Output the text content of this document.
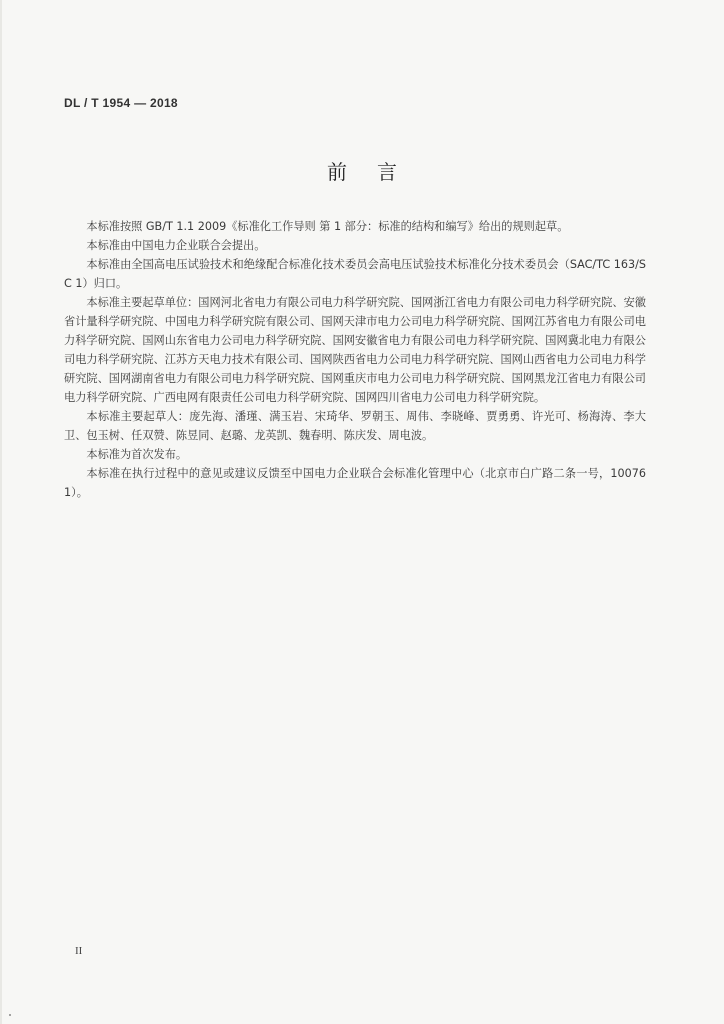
DL / T 1954 — 2018
前言

本标准按照 GB/T 1.1 2009《标准化工作导则 第 1 部分：标准的结构和编写》给出的规则起草。

本标准由中国电力企业联合会提出。

本标准由全国高电压试验技术和绝缘配合标准化技术委员会高电压试验技术标准化分技术委员会（SAC/TC 163/SC 1）归口。

本标准主要起草单位：国网河北省电力有限公司电力科学研究院、国网浙江省电力有限公司电力科学研究院、安徽省计量科学研究院、中国电力科学研究院有限公司、国网天津市电力公司电力科学研究院、国网江苏省电力有限公司电力科学研究院、国网山东省电力公司电力科学研究院、国网安徽省电力有限公司电力科学研究院、国网冀北电力有限公司电力科学研究院、江苏方天电力技术有限公司、国网陕西省电力公司电力科学研究院、国网山西省电力公司电力科学研究院、国网湖南省电力有限公司电力科学研究院、国网重庆市电力公司电力科学研究院、国网黑龙江省电力有限公司电力科学研究院、广西电网有限责任公司电力科学研究院、国网四川省电力公司电力科学研究院。

本标准主要起草人：庞先海、潘瑾、满玉岩、宋琦华、罗朝玉、周伟、李晓峰、贾勇勇、许光可、杨海涛、李大卫、包玉树、任双赞、陈昱同、赵璐、龙英凯、魏春明、陈庆发、周电波。

本标准为首次发布。

本标准在执行过程中的意见或建议反馈至中国电力企业联合会标准化管理中心（北京市白广路二条一号，100761）。

II
